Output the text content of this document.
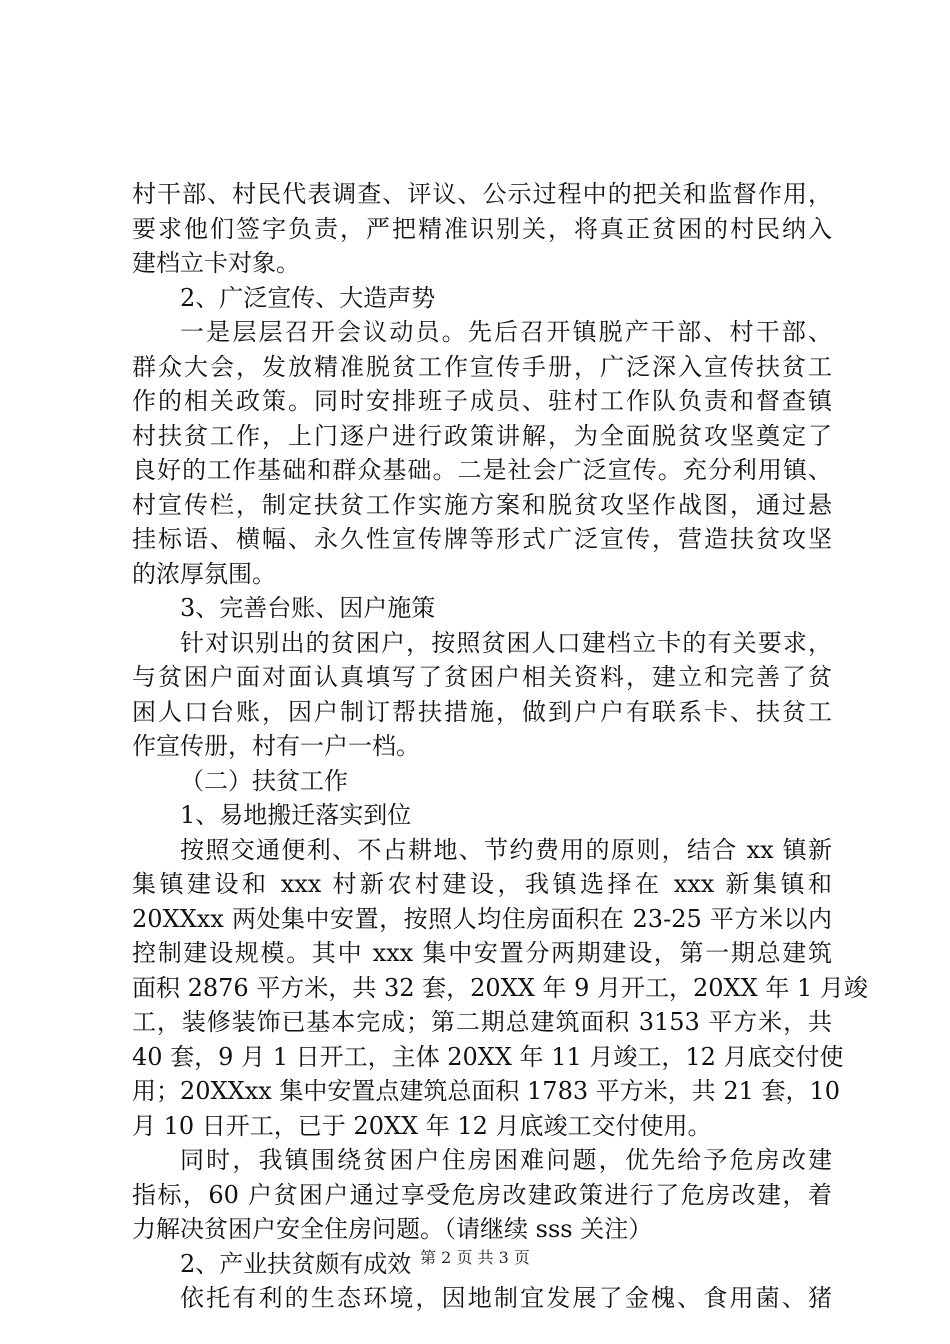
村干部、村民代表调查、评议、公示过程中的把关和监督作用，
要求他们签字负责，严把精准识别关，将真正贫困的村民纳入
建档立卡对象。
2、广泛宣传、大造声势
一是层层召开会议动员。先后召开镇脱产干部、村干部、
群众大会，发放精准脱贫工作宣传手册，广泛深入宣传扶贫工
作的相关政策。同时安排班子成员、驻村工作队负责和督查镇
村扶贫工作，上门逐户进行政策讲解，为全面脱贫攻坚奠定了
良好的工作基础和群众基础。二是社会广泛宣传。充分利用镇、
村宣传栏，制定扶贫工作实施方案和脱贫攻坚作战图，通过悬
挂标语、横幅、永久性宣传牌等形式广泛宣传，营造扶贫攻坚
的浓厚氛围。
3、完善台账、因户施策
针对识别出的贫困户，按照贫困人口建档立卡的有关要求，
与贫困户面对面认真填写了贫困户相关资料，建立和完善了贫
困人口台账，因户制订帮扶措施，做到户户有联系卡、扶贫工
作宣传册，村有一户一档。
（二）扶贫工作
1、易地搬迁落实到位
按照交通便利、不占耕地、节约费用的原则，结合 xx 镇新
集镇建设和 xxx 村新农村建设，我镇选择在 xxx 新集镇和
20XXxx 两处集中安置，按照人均住房面积在 23-25 平方米以内
控制建设规模。其中 xxx 集中安置分两期建设，第一期总建筑
面积 2876 平方米，共 32 套，20XX 年 9 月开工，20XX 年 1 月竣
工，装修装饰已基本完成；第二期总建筑面积 3153 平方米，共
40 套，9 月 1 日开工，主体 20XX 年 11 月竣工，12 月底交付使
用；20XXxx 集中安置点建筑总面积 1783 平方米，共 21 套，10
月 10 日开工，已于 20XX 年 12 月底竣工交付使用。
同时，我镇围绕贫困户住房困难问题，优先给予危房改建
指标，60 户贫困户通过享受危房改建政策进行了危房改建，着
力解决贫困户安全住房问题。（请继续 sss 关注）
2、产业扶贫颇有成效
依托有利的生态环境，因地制宜发展了金槐、食用菌、猪
第 2 页 共 3 页
